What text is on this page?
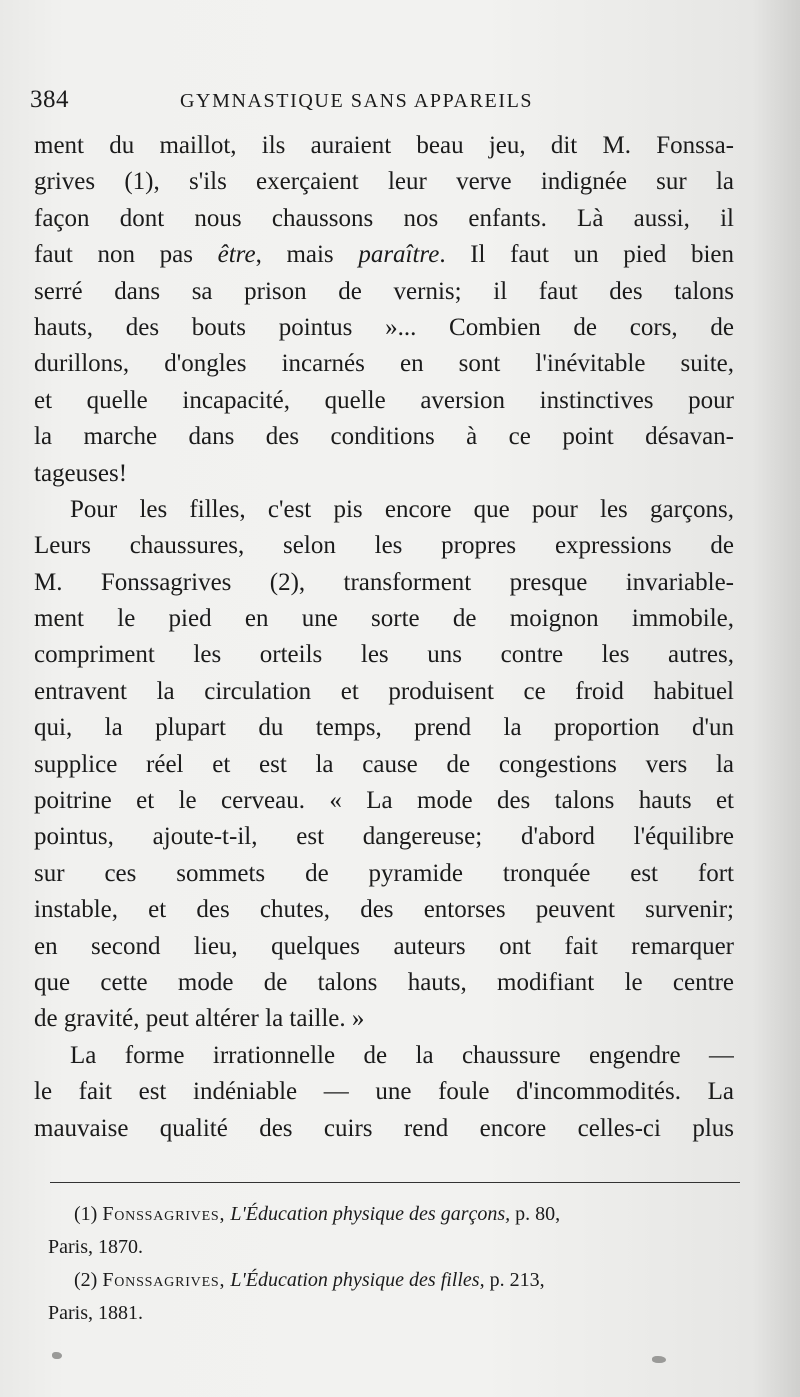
384	GYMNASTIQUE SANS APPAREILS
ment du maillot, ils auraient beau jeu, dit M. Fonssa-
grives (1), s'ils exerçaient leur verve indignée sur la
façon dont nous chaussons nos enfants. Là aussi, il
faut non pas être, mais paraître. Il faut un pied bien
serré dans sa prison de vernis; il faut des talons
hauts, des bouts pointus »... Combien de cors, de
durillons, d'ongles incarnés en sont l'inévitable suite,
et quelle incapacité, quelle aversion instinctives pour
la marche dans des conditions à ce point désavan-
tageuses!
Pour les filles, c'est pis encore que pour les garçons,
Leurs chaussures, selon les propres expressions de
M. Fonssagrives (2), transforment presque invariable-
ment le pied en une sorte de moignon immobile,
compriment les orteils les uns contre les autres,
entravent la circulation et produisent ce froid habituel
qui, la plupart du temps, prend la proportion d'un
supplice réel et est la cause de congestions vers la
poitrine et le cerveau. « La mode des talons hauts et
pointus, ajoute-t-il, est dangereuse; d'abord l'équilibre
sur ces sommets de pyramide tronquée est fort
instable, et des chutes, des entorses peuvent survenir;
en second lieu, quelques auteurs ont fait remarquer
que cette mode de talons hauts, modifiant le centre
de gravité, peut altérer la taille. »
La forme irrationnelle de la chaussure engendre —
le fait est indéniable — une foule d'incommodités. La
mauvaise qualité des cuirs rend encore celles-ci plus
(1) Fonssagrives, L'Éducation physique des garçons, p. 80,
Paris, 1870.
(2) Fonssagrives, L'Éducation physique des filles, p. 213,
Paris, 1881.
